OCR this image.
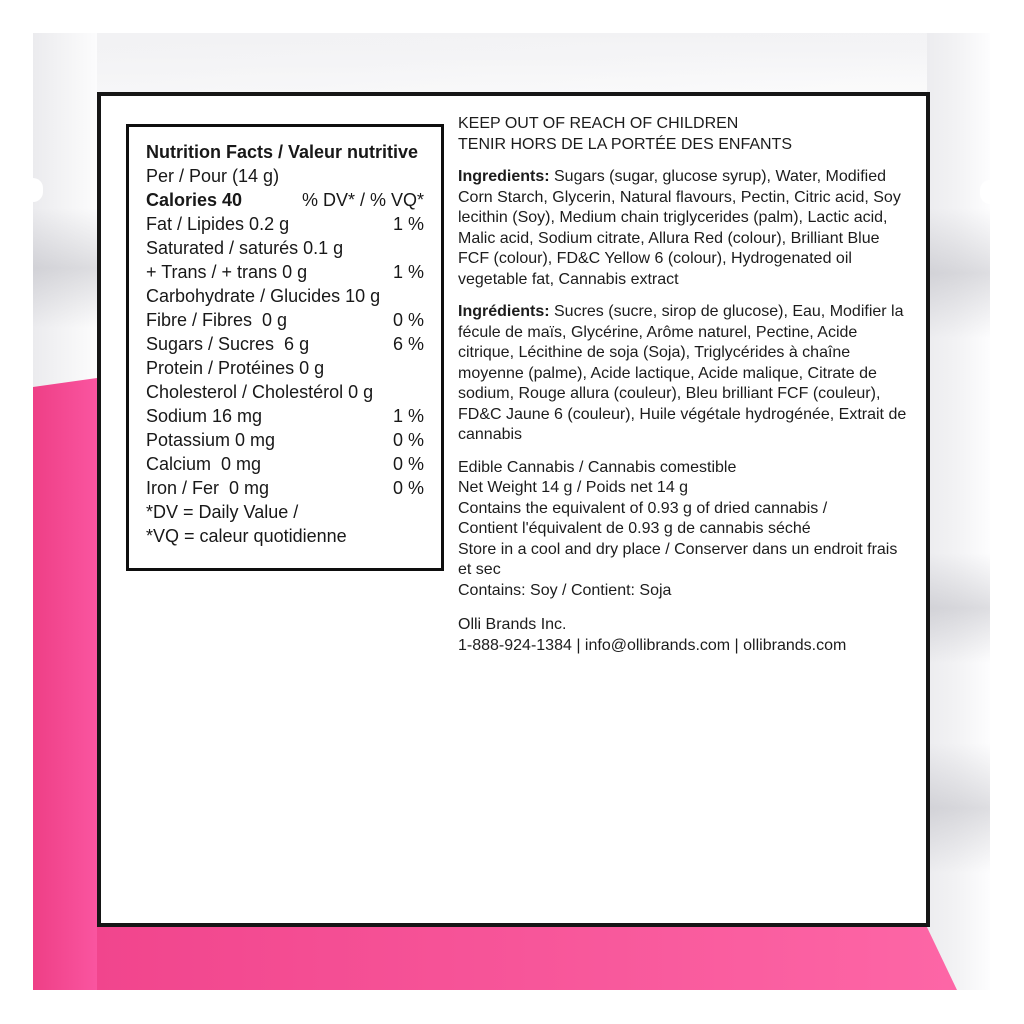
Nutrition Facts / Valeur nutritive
Per / Pour (14 g)
Calories 40	% DV* / % VQ*
Fat / Lipides 0.2 g	1 %
Saturated / saturés 0.1 g
+ Trans / + trans 0 g	1 %
Carbohydrate / Glucides 10 g
Fibre / Fibres  0 g	0 %
Sugars / Sucres  6 g	6 %
Protein / Protéines 0 g
Cholesterol / Cholestérol 0 g
Sodium 16 mg	1 %
Potassium 0 mg	0 %
Calcium  0 mg	0 %
Iron / Fer  0 mg	0 %
*DV = Daily Value /
*VQ = caleur quotidienne
KEEP OUT OF REACH OF CHILDREN
TENIR HORS DE LA PORTÉE DES ENFANTS
Ingredients: Sugars (sugar, glucose syrup), Water, Modified Corn Starch, Glycerin, Natural flavours, Pectin, Citric acid, Soy lecithin (Soy), Medium chain triglycerides (palm), Lactic acid, Malic acid, Sodium citrate, Allura Red (colour), Brilliant Blue FCF (colour), FD&C Yellow 6 (colour), Hydrogenated oil vegetable fat, Cannabis extract
Ingrédients: Sucres (sucre, sirop de glucose), Eau, Modifier la fécule de maïs, Glycérine, Arôme naturel, Pectine, Acide citrique, Lécithine de soja (Soja), Triglycérides à chaîne moyenne (palme), Acide lactique, Acide malique, Citrate de sodium, Rouge allura (couleur), Bleu brilliant FCF (couleur), FD&C Jaune 6 (couleur), Huile végétale hydrogénée, Extrait de cannabis
Edible Cannabis / Cannabis comestible
Net Weight 14 g / Poids net 14 g
Contains the equivalent of 0.93 g of dried cannabis /
Contient l'équivalent de 0.93 g de cannabis séché
Store in a cool and dry place / Conserver dans un endroit frais et sec
Contains: Soy / Contient: Soja
Olli Brands Inc.
1-888-924-1384 | info@ollibrands.com | ollibrands.com
